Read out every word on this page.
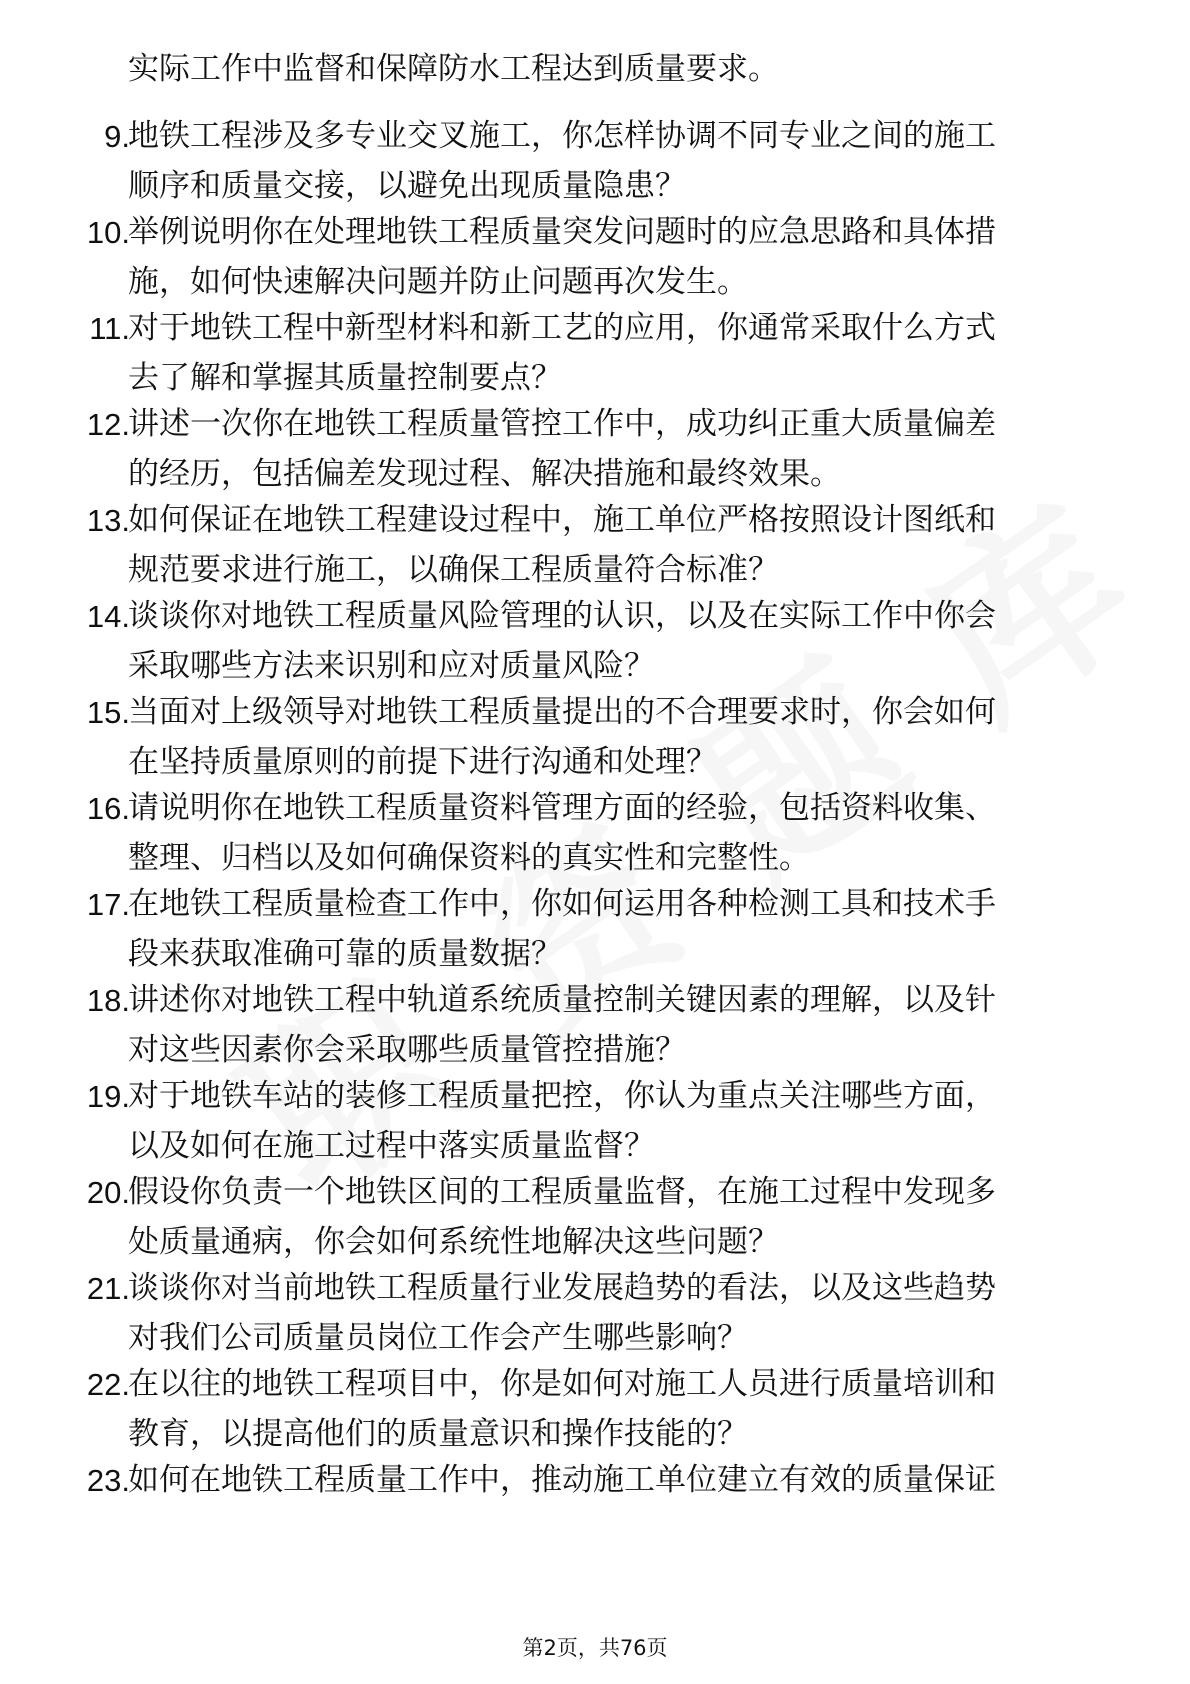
实际工作中监督和保障防水工程达到质量要求。
9.
地铁工程涉及多专业交叉施工，你怎样协调不同专业之间的施工
顺序和质量交接，以避免出现质量隐患？
10.
举例说明你在处理地铁工程质量突发问题时的应急思路和具体措
施，如何快速解决问题并防止问题再次发生。
11.
对于地铁工程中新型材料和新工艺的应用，你通常采取什么方式
去了解和掌握其质量控制要点？
12.
讲述一次你在地铁工程质量管控工作中，成功纠正重大质量偏差
的经历，包括偏差发现过程、解决措施和最终效果。
13.
如何保证在地铁工程建设过程中，施工单位严格按照设计图纸和
规范要求进行施工，以确保工程质量符合标准？
14.
谈谈你对地铁工程质量风险管理的认识，以及在实际工作中你会
采取哪些方法来识别和应对质量风险？
15.
当面对上级领导对地铁工程质量提出的不合理要求时，你会如何
在坚持质量原则的前提下进行沟通和处理？
16.
请说明你在地铁工程质量资料管理方面的经验，包括资料收集、
整理、归档以及如何确保资料的真实性和完整性。
17.
在地铁工程质量检查工作中，你如何运用各种检测工具和技术手
段来获取准确可靠的质量数据？
18.
讲述你对地铁工程中轨道系统质量控制关键因素的理解，以及针
对这些因素你会采取哪些质量管控措施？
19.
对于地铁车站的装修工程质量把控，你认为重点关注哪些方面，
以及如何在施工过程中落实质量监督？
20.
假设你负责一个地铁区间的工程质量监督，在施工过程中发现多
处质量通病，你会如何系统性地解决这些问题？
21.
谈谈你对当前地铁工程质量行业发展趋势的看法，以及这些趋势
对我们公司质量员岗位工作会产生哪些影响？
22.
在以往的地铁工程项目中，你是如何对施工人员进行质量培训和
教育，以提高他们的质量意识和操作技能的？
23.
如何在地铁工程质量工作中，推动施工单位建立有效的质量保证
第2页，共76页
